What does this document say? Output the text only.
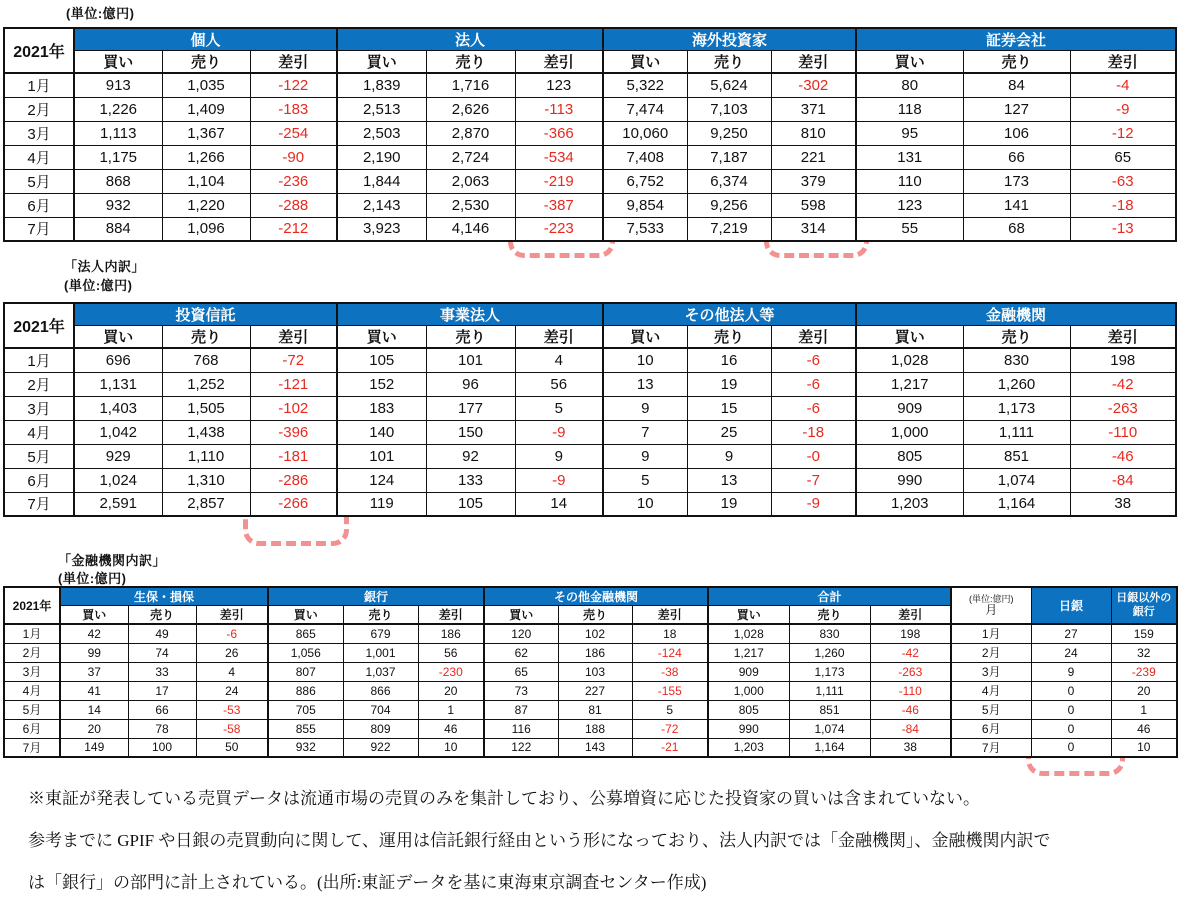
(単位:億円)
「法人内訳」
(単位:億円)
「金融機関内訳」
(単位:億円)

※東証が発表している売買データは流通市場の売買のみを集計しており、公募増資に応じた投資家の買いは含まれていない。

参考までに GPIF や日銀の売買動向に関して、運用は信託銀行経由という形になっており、法人内訳では「金融機関」、金融機関内訳で

は「銀行」の部門に計上されている。(出所:東証データを基に東海東京調査センター作成)

2021年	個人			法人			海外投資家			証券会社		
	買い	売り	差引	買い	売り	差引	買い	売り	差引	買い	売り	差引
1月	913	1,035	-122	1,839	1,716	123	5,322	5,624	-302	80	84	-4
2月	1,226	1,409	-183	2,513	2,626	-113	7,474	7,103	371	118	127	-9
3月	1,113	1,367	-254	2,503	2,870	-366	10,060	9,250	810	95	106	-12
4月	1,175	1,266	-90	2,190	2,724	-534	7,408	7,187	221	131	66	65
5月	868	1,104	-236	1,844	2,063	-219	6,752	6,374	379	110	173	-63
6月	932	1,220	-288	2,143	2,530	-387	9,854	9,256	598	123	141	-18
7月	884	1,096	-212	3,923	4,146	-223	7,533	7,219	314	55	68	-13
2021年	投資信託			事業法人			その他法人等			金融機関		
	買い	売り	差引	買い	売り	差引	買い	売り	差引	買い	売り	差引
1月	696	768	-72	105	101	4	10	16	-6	1,028	830	198
2月	1,131	1,252	-121	152	96	56	13	19	-6	1,217	1,260	-42
3月	1,403	1,505	-102	183	177	5	9	15	-6	909	1,173	-263
4月	1,042	1,438	-396	140	150	-9	7	25	-18	1,000	1,111	-110
5月	929	1,110	-181	101	92	9	9	9	-0	805	851	-46
6月	1,024	1,310	-286	124	133	-9	5	13	-7	990	1,074	-84
7月	2,591	2,857	-266	119	105	14	10	19	-9	1,203	1,164	38
2021年	生保・損保			銀行			その他金融機関			合計			(単位:億円)
月	日銀	日銀以外の銀行
	買い	売り	差引	買い	売り	差引	買い	売り	差引	買い	売り	差引			
1月	42	49	-6	865	679	186	120	102	18	1,028	830	198	1月	27	159
2月	99	74	26	1,056	1,001	56	62	186	-124	1,217	1,260	-42	2月	24	32
3月	37	33	4	807	1,037	-230	65	103	-38	909	1,173	-263	3月	9	-239
4月	41	17	24	886	866	20	73	227	-155	1,000	1,111	-110	4月	0	20
5月	14	66	-53	705	704	1	87	81	5	805	851	-46	5月	0	1
6月	20	78	-58	855	809	46	116	188	-72	990	1,074	-84	6月	0	46
7月	149	100	50	932	922	10	122	143	-21	1,203	1,164	38	7月	0	10
